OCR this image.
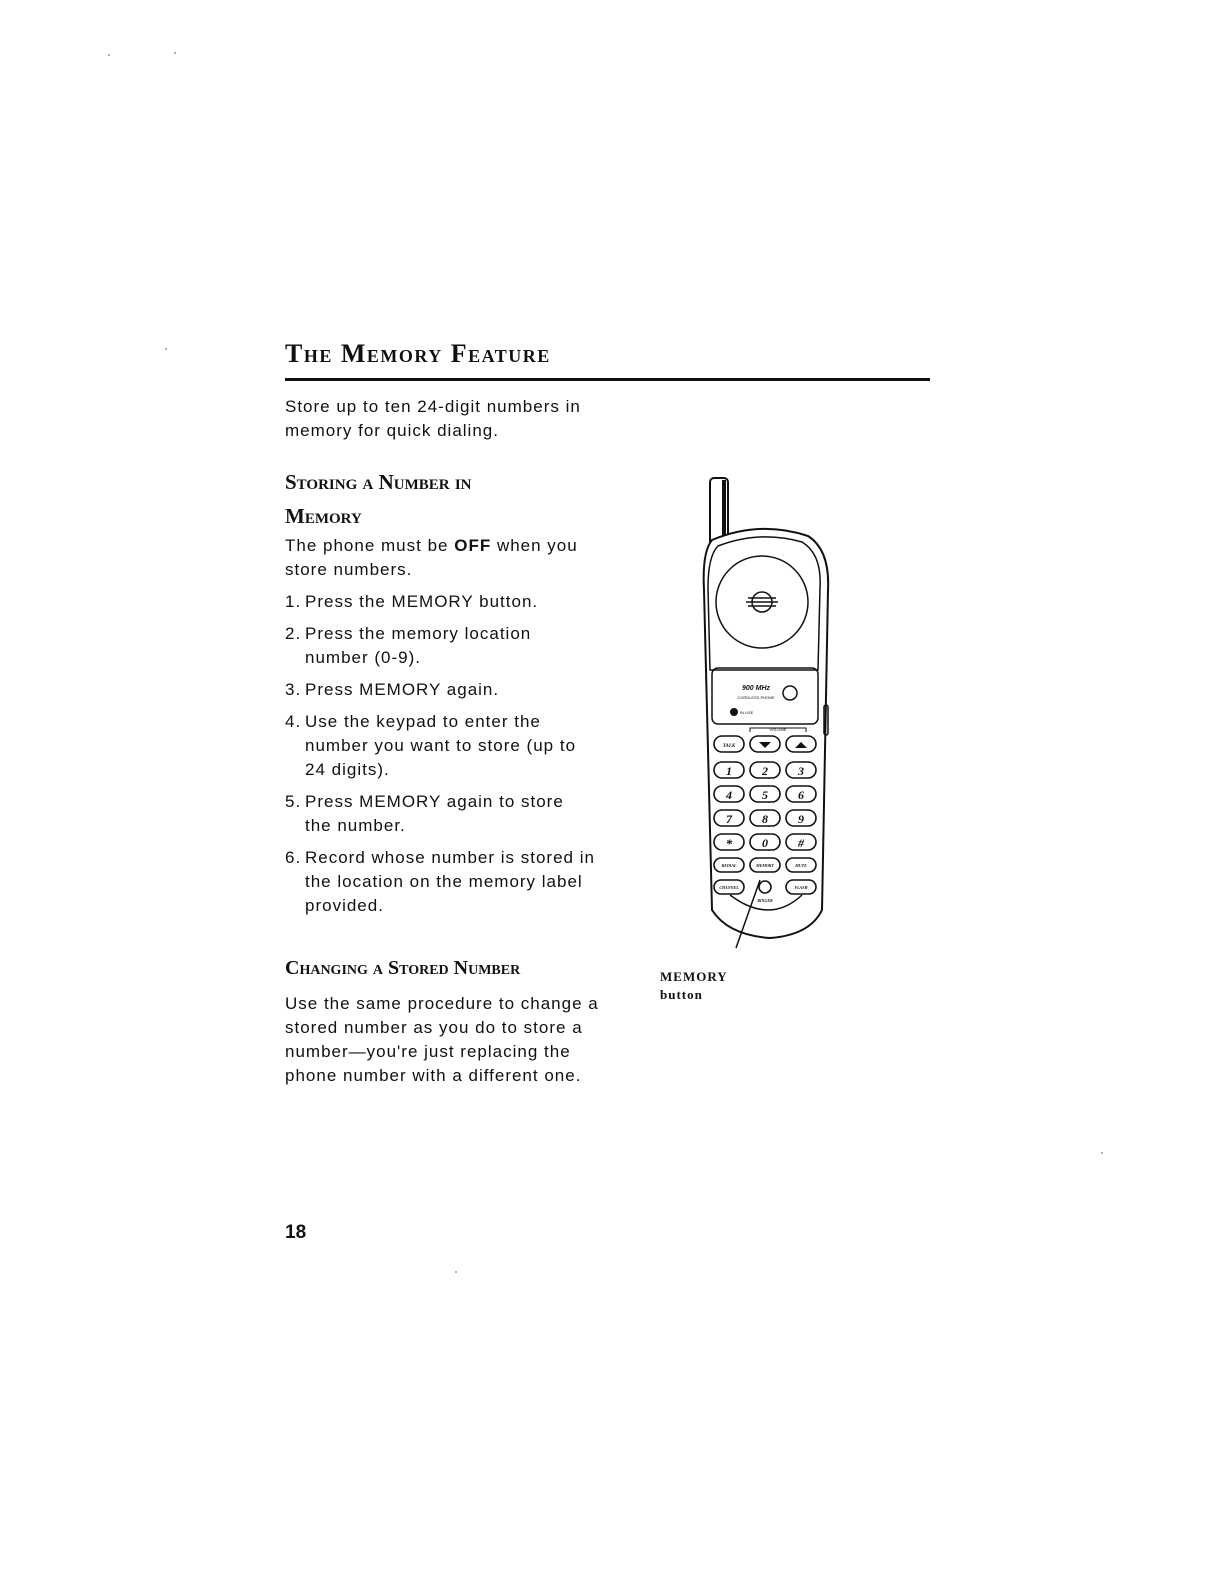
The Memory Feature

Store up to ten 24-digit numbers in memory for quick dialing.

Storing a Number in
Memory

The phone must be OFF when you store numbers.

1. Press the MEMORY button.
2. Press the memory location number (0-9).
3. Press MEMORY again.
4. Use the keypad to enter the number you want to store (up to 24 digits).
5. Press MEMORY again to store the number.
6. Record whose number is stored in the location on the memory label provided.
Changing a Stored Number

Use the same procedure to change a stored number as you do to store a number—you're just replacing the phone number with a different one.

900 MHz
CORDLESS PHONE
IN USE
VOLUME
TALK
1	2	3
4	5	6
7	8	9
* 0	#
REDIAL	MEMORY	MUTE
CHANNEL	FLASH
RINGER
MEMORY
button
18
